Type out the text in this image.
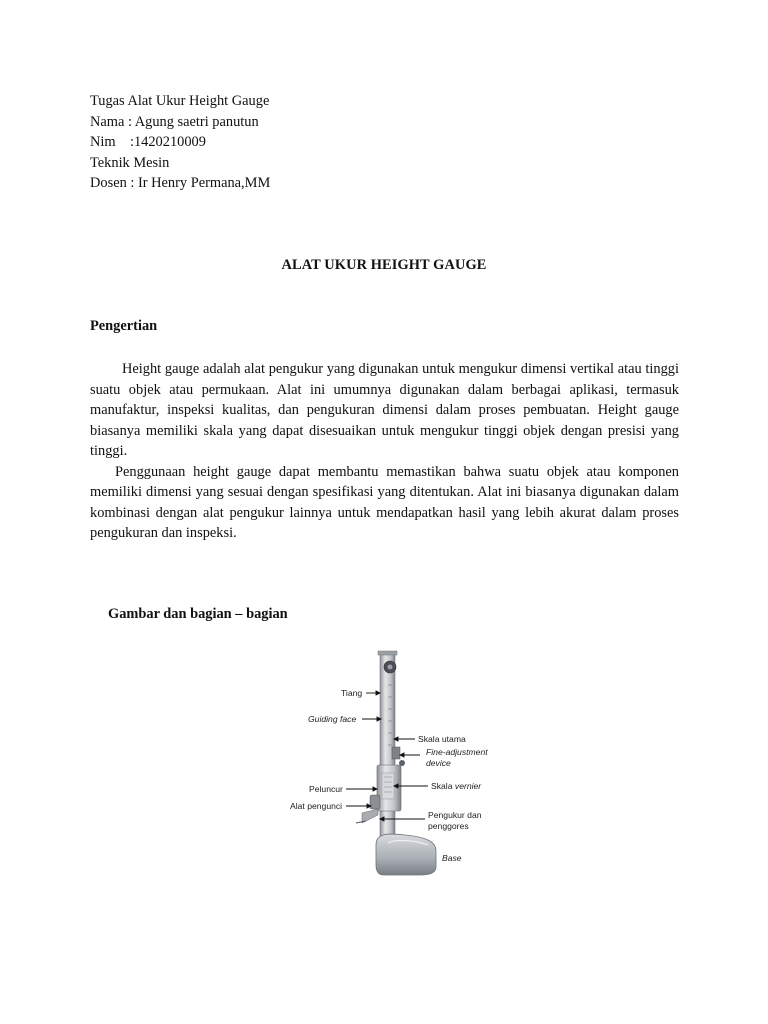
Tugas Alat Ukur Height Gauge
Nama : Agung saetri panutun
Nim    :1420210009
Teknik Mesin
Dosen : Ir Henry Permana,MM
ALAT UKUR HEIGHT GAUGE
Pengertian

Height gauge adalah alat pengukur yang digunakan untuk mengukur dimensi vertikal atau tinggi suatu objek atau permukaan. Alat ini umumnya digunakan dalam berbagai aplikasi, termasuk manufaktur, inspeksi kualitas, dan pengukuran dimensi dalam proses pembuatan. Height gauge biasanya memiliki skala yang dapat disesuaikan untuk mengukur tinggi objek dengan presisi yang tinggi.

Penggunaan height gauge dapat membantu memastikan bahwa suatu objek atau komponen memiliki dimensi yang sesuai dengan spesifikasi yang ditentukan. Alat ini biasanya digunakan dalam kombinasi dengan alat pengukur lainnya untuk mendapatkan hasil yang lebih akurat dalam proses pengukuran dan inspeksi.

Gambar dan bagian – bagian
Tiang
Guiding face
Skala utama
Fine-adjustment
device
Peluncur	Skala vernier
Alat pengunci
Pengukur dan
penggores
Base
